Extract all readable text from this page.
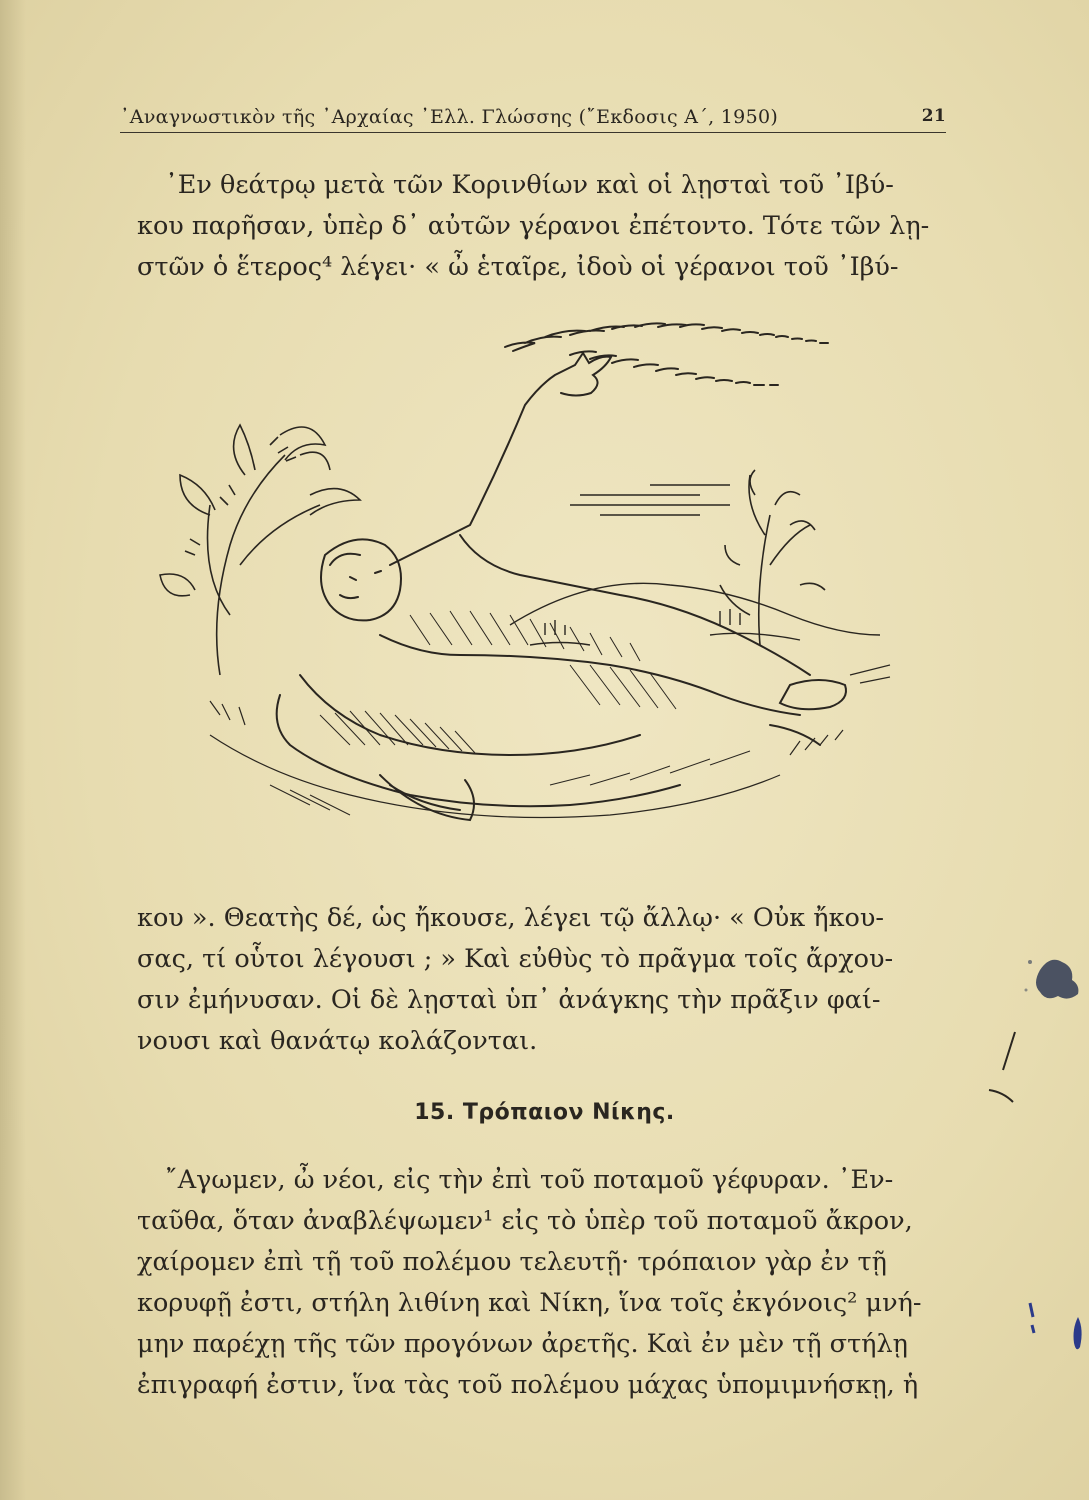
᾿Αναγνωστικὸν τῆς ᾿Αρχαίας ᾿Ελλ. Γλώσσης (῎Εκδοσις Α΄, 1950)	21

᾿Εν θεάτρῳ μετὰ τῶν Κορινθίων καὶ οἱ λῃσταὶ τοῦ ᾿Ιβύ-
κου παρῆσαν, ὑπὲρ δ᾿ αὐτῶν γέρανοι ἐπέτοντο. Τότε τῶν λῃ-
στῶν ὁ ἕτερος⁴ λέγει· « ὦ ἑταῖρε, ἰδοὺ οἱ γέρανοι τοῦ ᾿Ιβύ-

κου ». Θεατὴς δέ, ὡς ἤκουσε, λέγει τῷ ἄλλῳ· « Οὐκ ἤκου-
σας, τί οὗτοι λέγουσι ; » Καὶ εὐθὺς τὸ πρᾶγμα τοῖς ἄρχου-
σιν ἐμήνυσαν. Οἱ δὲ λῃσταὶ ὑπ᾿ ἀνάγκης τὴν πρᾶξιν φαί-
νουσι καὶ θανάτῳ κολάζονται.

15. Τρόπαιον Νίκης.

῎Αγωμεν, ὦ νέοι, εἰς τὴν ἐπὶ τοῦ ποταμοῦ γέφυραν. ᾿Εν-
ταῦθα, ὅταν ἀναβλέψωμεν¹ εἰς τὸ ὑπὲρ τοῦ ποταμοῦ ἄκρον,
χαίρομεν ἐπὶ τῇ τοῦ πολέμου τελευτῇ· τρόπαιον γὰρ ἐν τῇ
κορυφῇ ἐστι, στήλη λιθίνη καὶ Νίκη, ἵνα τοῖς ἐκγόνοις² μνή-
μην παρέχῃ τῆς τῶν προγόνων ἀρετῆς. Καὶ ἐν μὲν τῇ στήλῃ
ἐπιγραφή ἐστιν, ἵνα τὰς τοῦ πολέμου μάχας ὑπομιμνήσκῃ, ἡ
